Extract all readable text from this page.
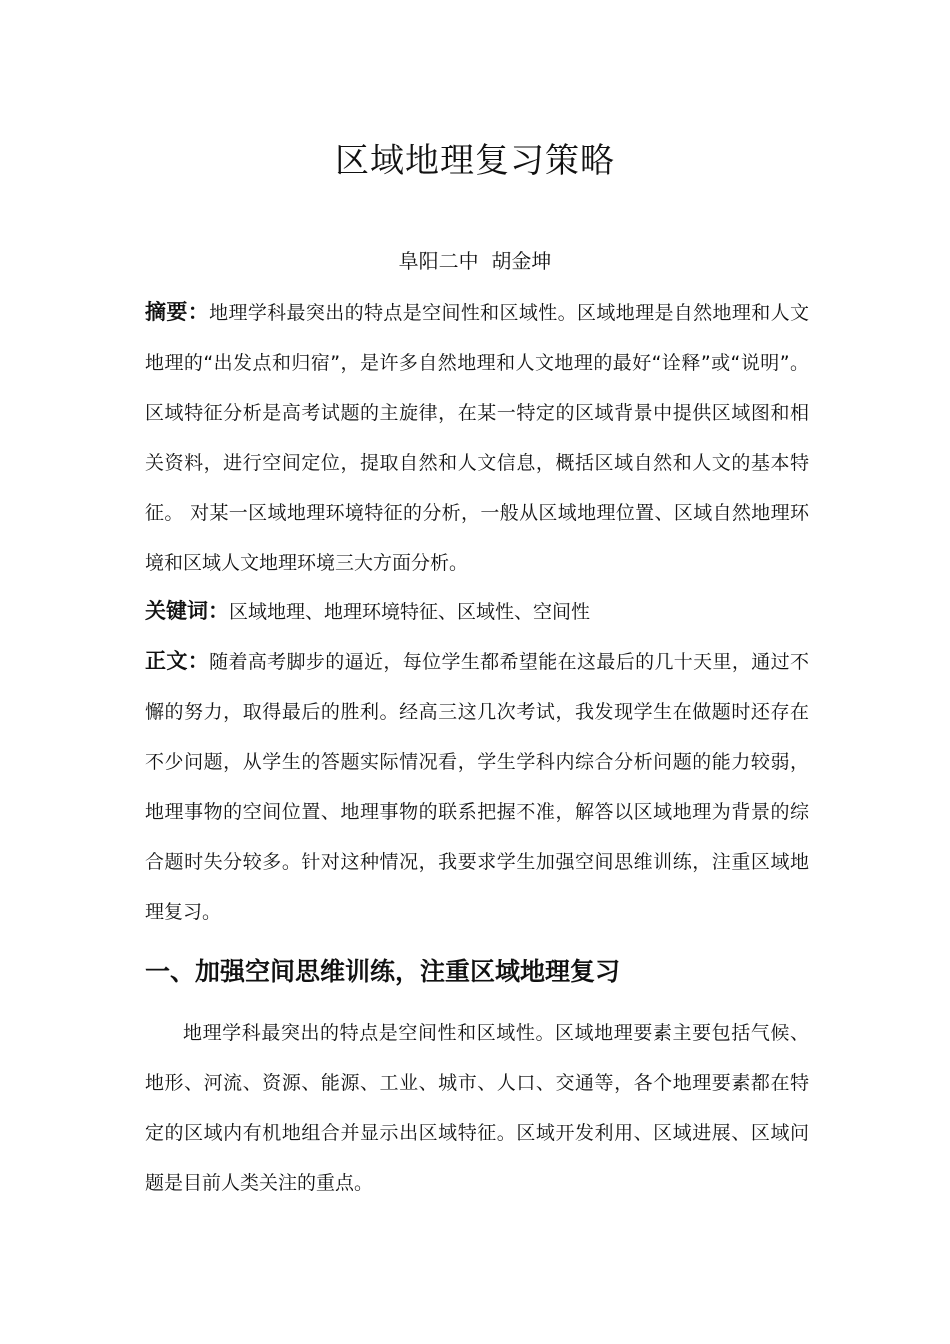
区域地理复习策略
阜阳二中  胡金坤

摘要：地理学科最突出的特点是空间性和区域性。区域地理是自然地理和人文地理的“出发点和归宿”，是许多自然地理和人文地理的最好“诠释”或“说明”。区域特征分析是高考试题的主旋律，在某一特定的区域背景中提供区域图和相关资料，进行空间定位，提取自然和人文信息，概括区域自然和人文的基本特征。 对某一区域地理环境特征的分析，一般从区域地理位置、区域自然地理环境和区域人文地理环境三大方面分析。

关键词：区域地理、地理环境特征、区域性、空间性

正文：随着高考脚步的逼近，每位学生都希望能在这最后的几十天里，通过不懈的努力，取得最后的胜利。经高三这几次考试，我发现学生在做题时还存在不少问题，从学生的答题实际情况看，学生学科内综合分析问题的能力较弱，地理事物的空间位置、地理事物的联系把握不准，解答以区域地理为背景的综合题时失分较多。针对这种情况，我要求学生加强空间思维训练，注重区域地理复习。

一、加强空间思维训练，注重区域地理复习

地理学科最突出的特点是空间性和区域性。区域地理要素主要包括气候、地形、河流、资源、能源、工业、城市、人口、交通等，各个地理要素都在特定的区域内有机地组合并显示出区域特征。区域开发利用、区域进展、区域问题是目前人类关注的重点。
